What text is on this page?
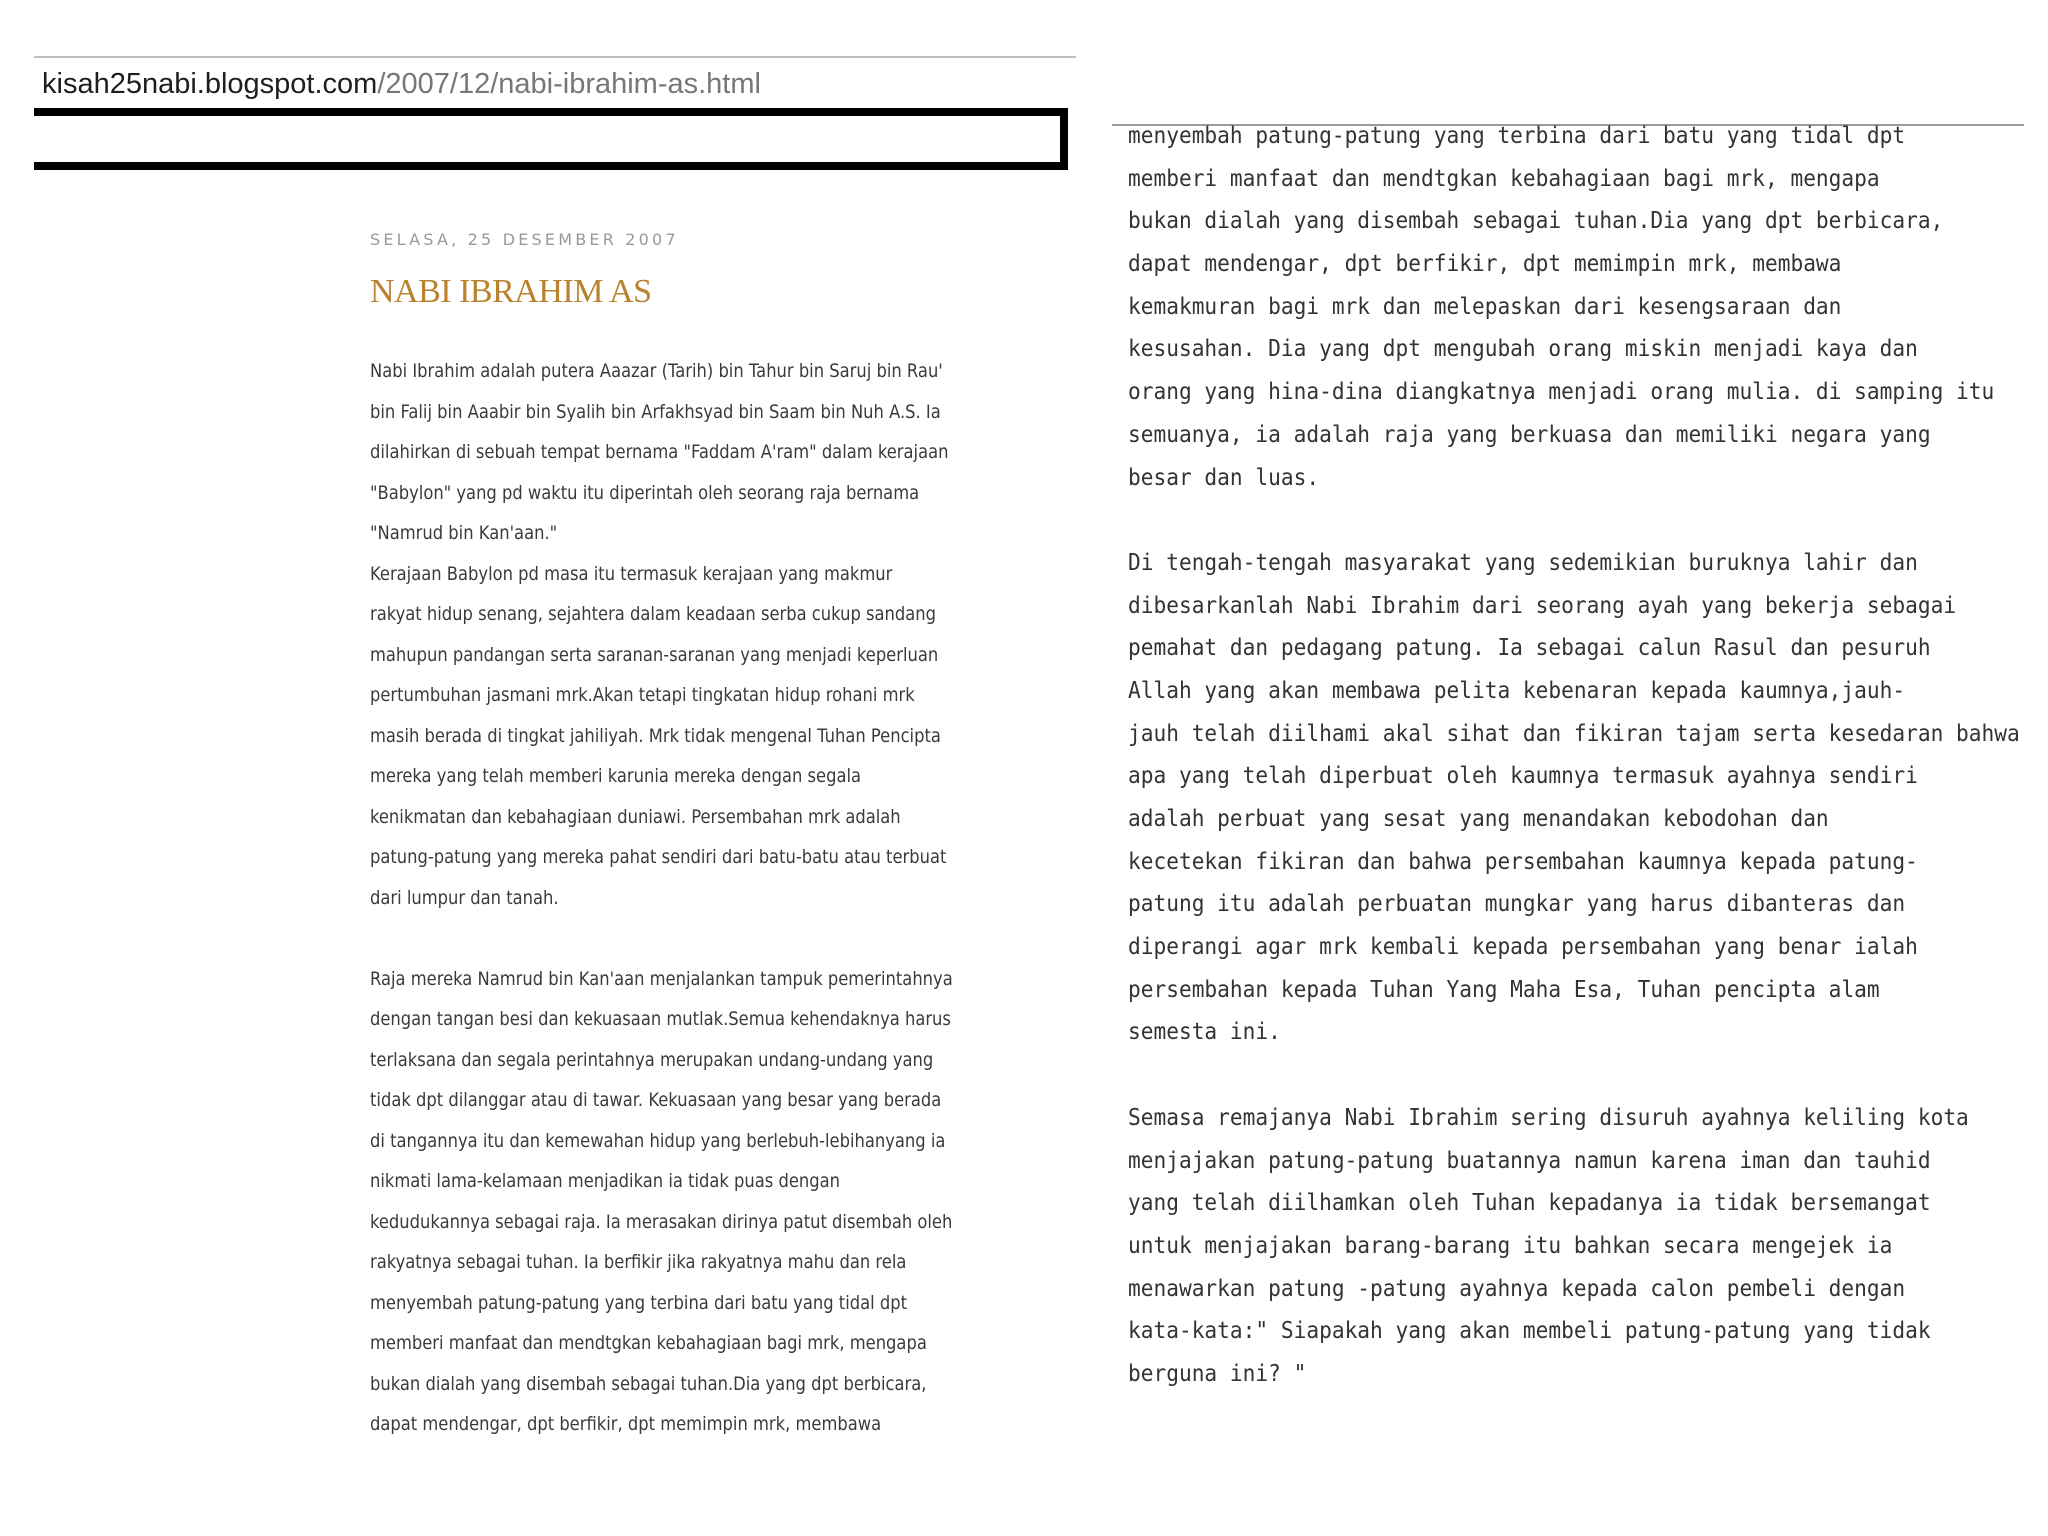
kisah25nabi.blogspot.com/2007/12/nabi-ibrahim-as.html
SELASA, 25 DESEMBER 2007
NABI IBRAHIM AS
Nabi Ibrahim adalah putera Aaazar (Tarih) bin Tahur bin Saruj bin Rau'
bin Falij bin Aaabir bin Syalih bin Arfakhsyad bin Saam bin Nuh A.S. Ia
dilahirkan di sebuah tempat bernama "Faddam A'ram" dalam kerajaan
"Babylon" yang pd waktu itu diperintah oleh seorang raja bernama
"Namrud bin Kan'aan."
Kerajaan Babylon pd masa itu termasuk kerajaan yang makmur
rakyat hidup senang, sejahtera dalam keadaan serba cukup sandang
mahupun pandangan serta saranan-saranan yang menjadi keperluan
pertumbuhan jasmani mrk.Akan tetapi tingkatan hidup rohani mrk
masih berada di tingkat jahiliyah. Mrk tidak mengenal Tuhan Pencipta
mereka yang telah memberi karunia mereka dengan segala
kenikmatan dan kebahagiaan duniawi. Persembahan mrk adalah
patung-patung yang mereka pahat sendiri dari batu-batu atau terbuat
dari lumpur dan tanah.
Raja mereka Namrud bin Kan'aan menjalankan tampuk pemerintahnya
dengan tangan besi dan kekuasaan mutlak.Semua kehendaknya harus
terlaksana dan segala perintahnya merupakan undang-undang yang
tidak dpt dilanggar atau di tawar. Kekuasaan yang besar yang berada
di tangannya itu dan kemewahan hidup yang berlebuh-lebihanyang ia
nikmati lama-kelamaan menjadikan ia tidak puas dengan
kedudukannya sebagai raja. Ia merasakan dirinya patut disembah oleh
rakyatnya sebagai tuhan. Ia berfikir jika rakyatnya mahu dan rela
menyembah patung-patung yang terbina dari batu yang tidal dpt
memberi manfaat dan mendtgkan kebahagiaan bagi mrk, mengapa
bukan dialah yang disembah sebagai tuhan.Dia yang dpt berbicara,
dapat mendengar, dpt berfikir, dpt memimpin mrk, membawa
menyembah patung-patung yang terbina dari batu yang tidal dpt
memberi manfaat dan mendtgkan kebahagiaan bagi mrk, mengapa
bukan dialah yang disembah sebagai tuhan.Dia yang dpt berbicara,
dapat mendengar, dpt berfikir, dpt memimpin mrk, membawa
kemakmuran bagi mrk dan melepaskan dari kesengsaraan dan
kesusahan. Dia yang dpt mengubah orang miskin menjadi kaya dan
orang yang hina-dina diangkatnya menjadi orang mulia. di samping itu
semuanya, ia adalah raja yang berkuasa dan memiliki negara yang
besar dan luas.
Di tengah-tengah masyarakat yang sedemikian buruknya lahir dan
dibesarkanlah Nabi Ibrahim dari seorang ayah yang bekerja sebagai
pemahat dan pedagang patung. Ia sebagai calun Rasul dan pesuruh
Allah yang akan membawa pelita kebenaran kepada kaumnya,jauh-
jauh telah diilhami akal sihat dan fikiran tajam serta kesedaran bahwa
apa yang telah diperbuat oleh kaumnya termasuk ayahnya sendiri
adalah perbuat yang sesat yang menandakan kebodohan dan
kecetekan fikiran dan bahwa persembahan kaumnya kepada patung-
patung itu adalah perbuatan mungkar yang harus dibanteras dan
diperangi agar mrk kembali kepada persembahan yang benar ialah
persembahan kepada Tuhan Yang Maha Esa, Tuhan pencipta alam
semesta ini.
Semasa remajanya Nabi Ibrahim sering disuruh ayahnya keliling kota
menjajakan patung-patung buatannya namun karena iman dan tauhid
yang telah diilhamkan oleh Tuhan kepadanya ia tidak bersemangat
untuk menjajakan barang-barang itu bahkan secara mengejek ia
menawarkan patung -patung ayahnya kepada calon pembeli dengan
kata-kata:" Siapakah yang akan membeli patung-patung yang tidak
berguna ini? "
